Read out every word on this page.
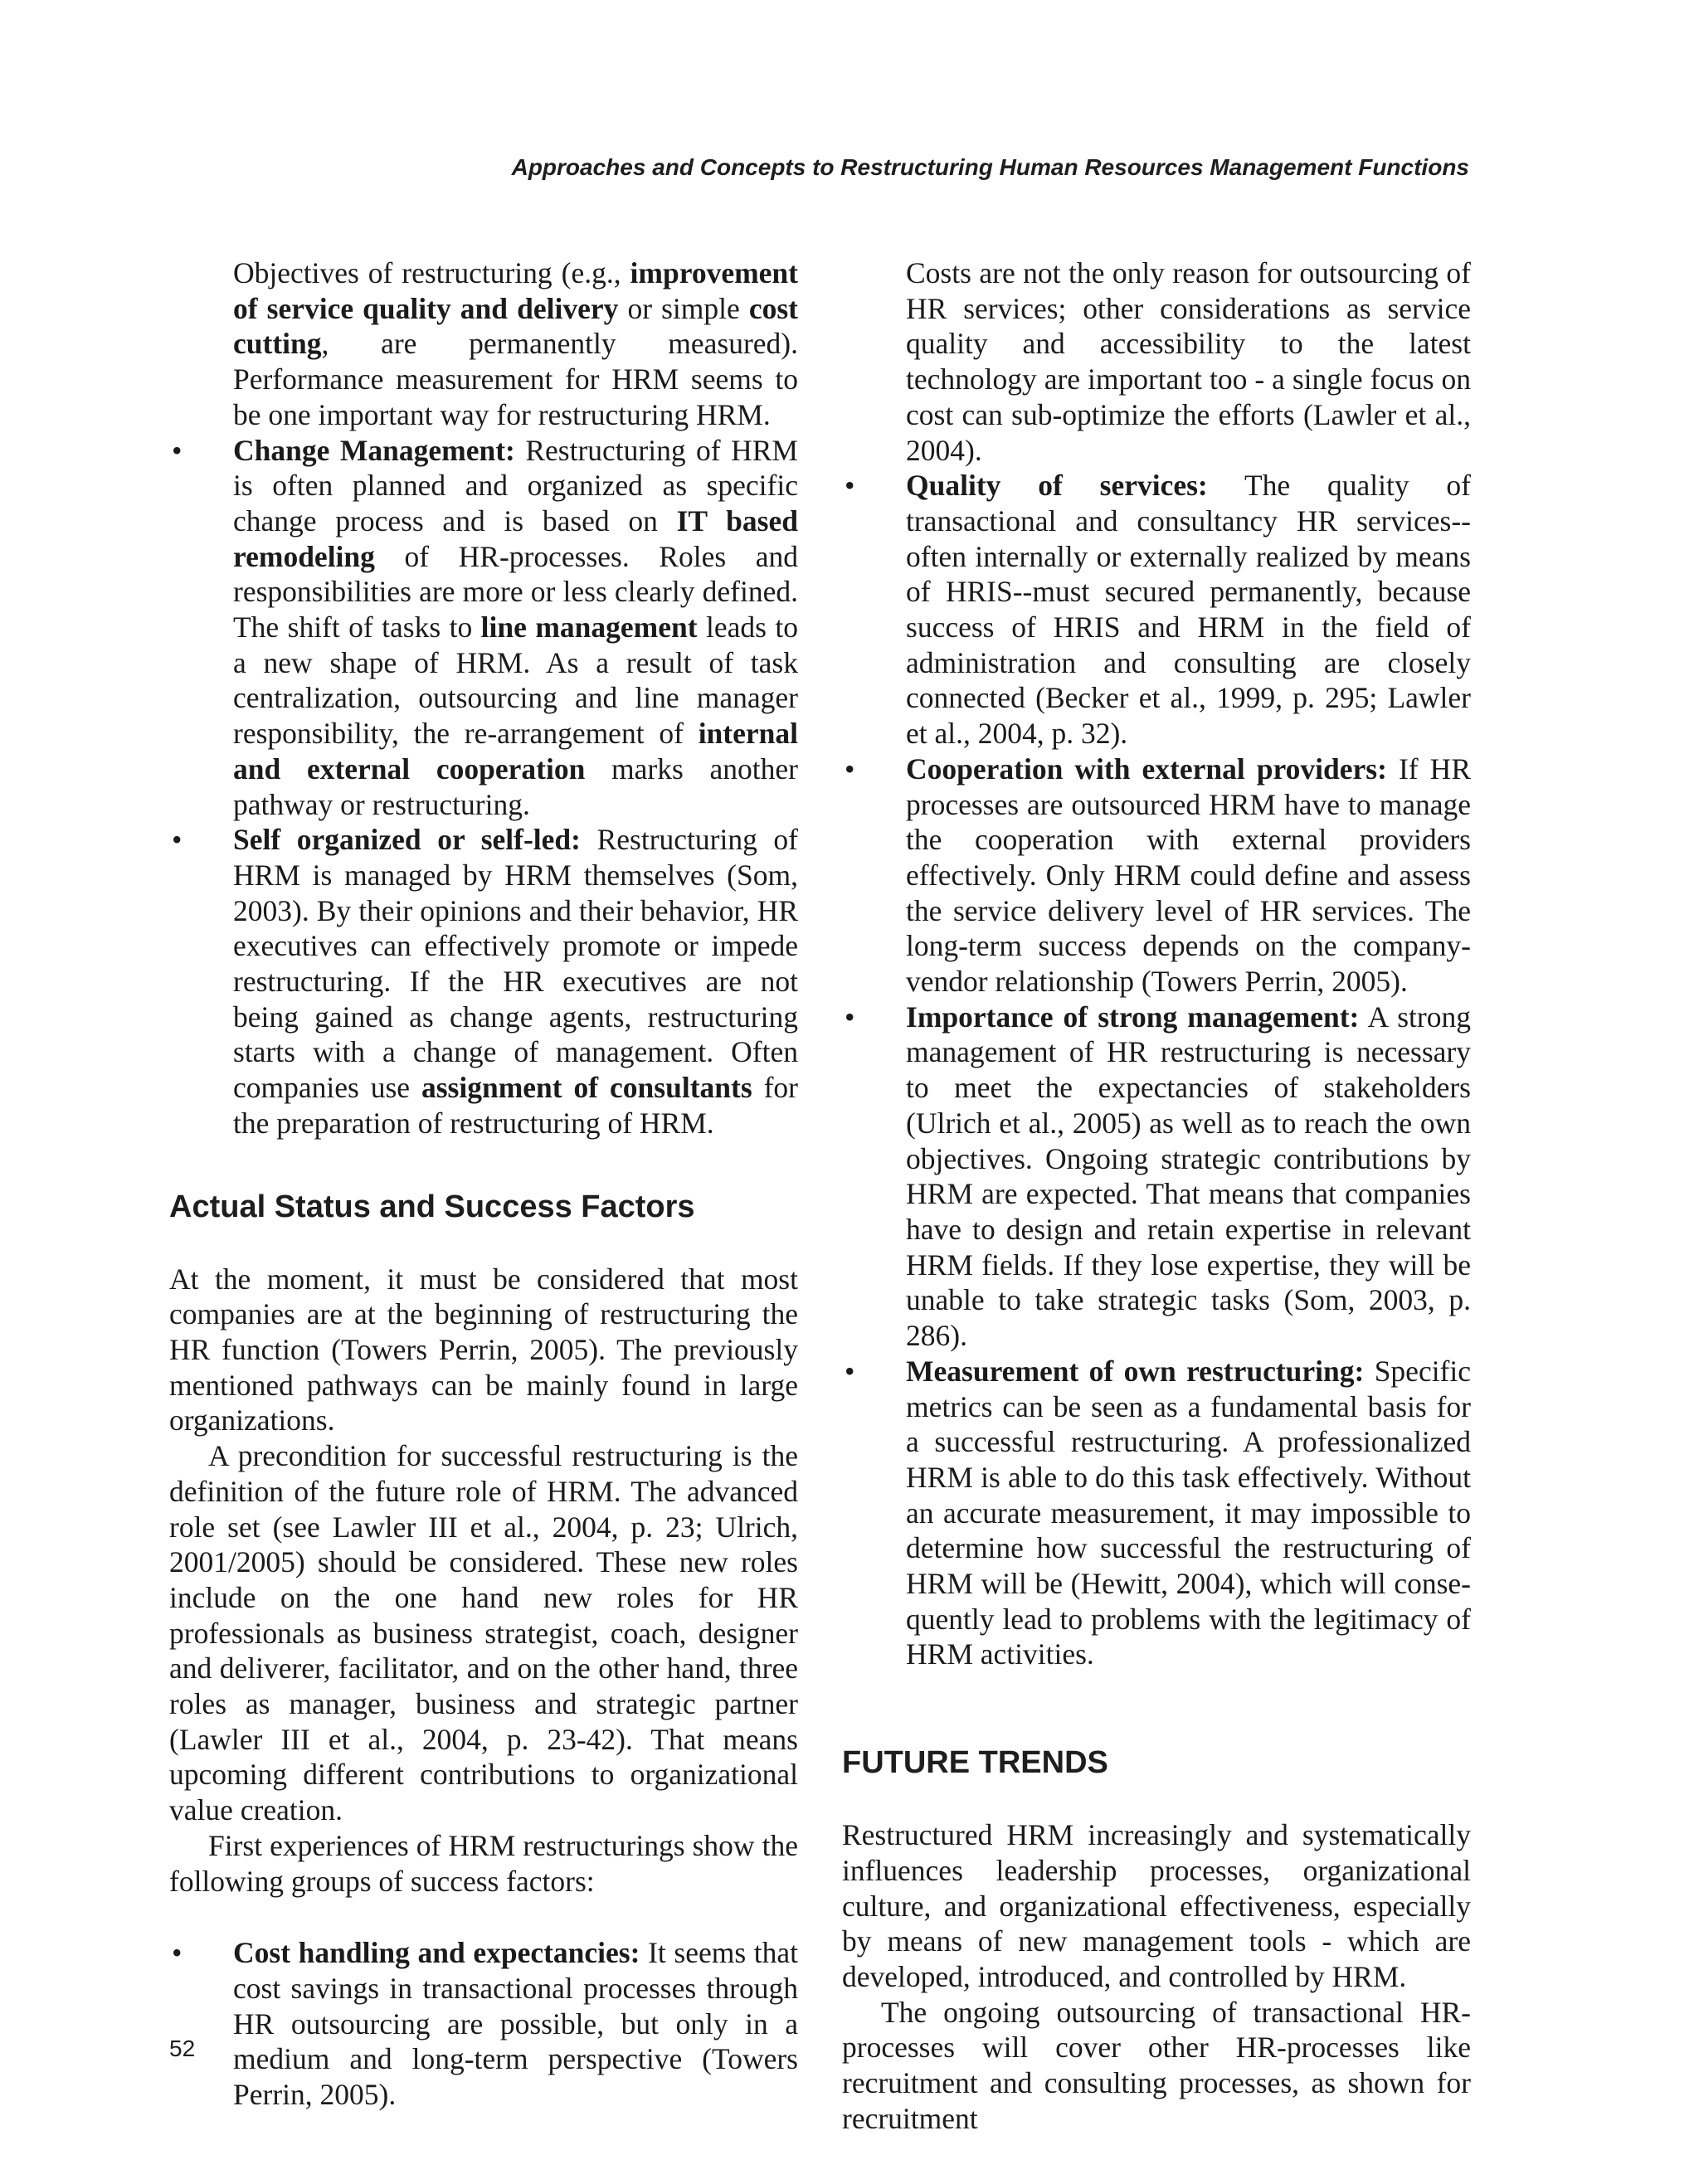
Approaches and Concepts to Restructuring Human Resources Management Functions

Objectives of restructuring (e.g., improvement of service quality and delivery or simple cost cutting, are permanently measured). Performance measurement for HRM seems to be one important way for restructuring HRM.

• Change Management: Restructuring of HRM is often planned and organized as specific change process and is based on IT based remodeling of HR-processes. Roles and responsibilities are more or less clearly defined. The shift of tasks to line management leads to a new shape of HRM. As a result of task centralization, outsourcing and line manager responsibility, the re-arrangement of internal and external cooperation marks another pathway or restructuring.
• Self organized or self-led: Restructuring of HRM is managed by HRM themselves (Som, 2003). By their opinions and their behavior, HR executives can effectively promote or impede restructuring. If the HR executives are not being gained as change agents, restructuring starts with a change of management. Often companies use assignment of consultants for the preparation of restructuring of HRM.
Actual Status and Success Factors

At the moment, it must be considered that most companies are at the beginning of restructuring the HR function (Towers Perrin, 2005). The previously mentioned pathways can be mainly found in large organizations.

A precondition for successful restructuring is the definition of the future role of HRM. The advanced role set (see Lawler III et al., 2004, p. 23; Ulrich, 2001/2005) should be considered. These new roles include on the one hand new roles for HR professionals as business strategist, coach, designer and deliverer, facilitator, and on the other hand, three roles as manager, business and strategic partner (Lawler III et al., 2004, p. 23-42). That means upcoming different contributions to organizational value creation.

First experiences of HRM restructurings show the following groups of success factors:

• Cost handling and expectancies: It seems that cost savings in transactional processes through HR outsourcing are possible, but only in a medium and long-term perspective (Towers Perrin, 2005).

Costs are not the only reason for outsourcing of HR services; other considerations as service quality and accessibility to the latest technology are important too - a single focus on cost can sub-optimize the efforts (Lawler et al., 2004).

• Quality of services: The quality of transactional and consultancy HR services--often internally or externally realized by means of HRIS--must secured permanently, because success of HRIS and HRM in the field of administration and consulting are closely connected (Becker et al., 1999, p. 295; Lawler et al., 2004, p. 32).
• Cooperation with external providers: If HR processes are outsourced HRM have to manage the cooperation with external providers effectively. Only HRM could define and assess the service delivery level of HR services. The long-term success depends on the company-vendor relationship (Towers Perrin, 2005).
• Importance of strong management: A strong management of HR restructuring is necessary to meet the expectancies of stakeholders (Ulrich et al., 2005) as well as to reach the own objectives. Ongoing strategic contributions by HRM are expected. That means that companies have to design and retain expertise in relevant HRM fields. If they lose expertise, they will be unable to take strategic tasks (Som, 2003, p. 286).
• Measurement of own restructuring: Specific metrics can be seen as a fundamental basis for a successful restructuring. A professionalized HRM is able to do this task effectively. Without an accurate measurement, it may impossible to determine how successful the restructuring of HRM will be (Hewitt, 2004), which will consequently lead to problems with the legitimacy of HRM activities.
FUTURE TRENDS

Restructured HRM increasingly and systematically influences leadership processes, organizational culture, and organizational effectiveness, especially by means of new management tools - which are developed, introduced, and controlled by HRM.

The ongoing outsourcing of transactional HR-processes will cover other HR-processes like recruitment and consulting processes, as shown for recruitment

52
